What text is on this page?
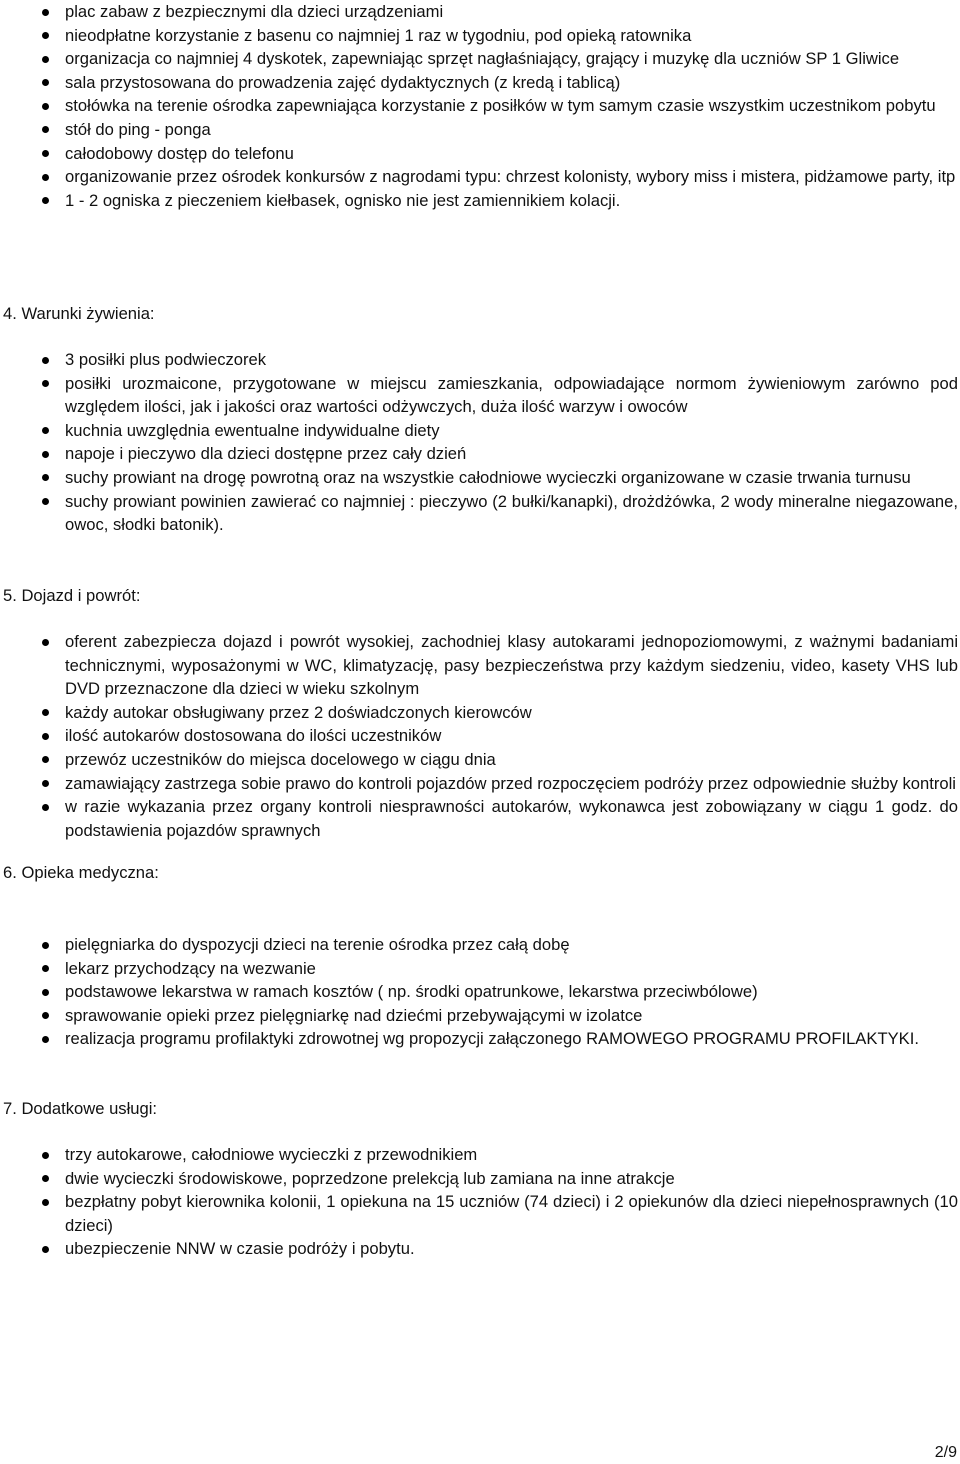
plac zabaw z bezpiecznymi dla dzieci urządzeniami
nieodpłatne korzystanie z basenu co najmniej 1 raz w tygodniu, pod opieką ratownika
organizacja co najmniej 4 dyskotek, zapewniając sprzęt nagłaśniający, grający i muzykę dla uczniów SP 1 Gliwice
sala przystosowana do prowadzenia zajęć dydaktycznych (z kredą i tablicą)
stołówka na terenie ośrodka zapewniająca korzystanie z posiłków w tym samym czasie wszystkim uczestnikom pobytu
stół do ping - ponga
całodobowy dostęp do telefonu
organizowanie przez ośrodek konkursów z nagrodami typu: chrzest kolonisty, wybory miss i mistera, pidżamowe party, itp
1 - 2 ogniska z pieczeniem kiełbasek, ognisko nie jest zamiennikiem kolacji.
4. Warunki żywienia:
3 posiłki plus podwieczorek
posiłki urozmaicone, przygotowane w miejscu zamieszkania, odpowiadające normom żywieniowym zarówno pod względem ilości, jak i jakości oraz wartości odżywczych, duża ilość warzyw i owoców
kuchnia uwzględnia ewentualne indywidualne diety
napoje i pieczywo dla dzieci dostępne przez cały dzień
suchy prowiant na drogę powrotną oraz na wszystkie całodniowe wycieczki organizowane w czasie trwania turnusu
suchy prowiant powinien zawierać co najmniej : pieczywo (2 bułki/kanapki), drożdżówka, 2 wody mineralne niegazowane, owoc, słodki batonik).
5. Dojazd i powrót:
oferent zabezpiecza dojazd i powrót wysokiej, zachodniej klasy autokarami jednopoziomowymi, z ważnymi badaniami technicznymi, wyposażonymi w WC, klimatyzację, pasy bezpieczeństwa przy każdym siedzeniu, video, kasety VHS lub DVD przeznaczone dla dzieci w wieku szkolnym
każdy autokar obsługiwany przez 2 doświadczonych kierowców
ilość autokarów dostosowana do ilości uczestników
przewóz uczestników do miejsca docelowego w ciągu dnia
zamawiający zastrzega sobie prawo do kontroli pojazdów przed rozpoczęciem podróży przez odpowiednie służby kontroli
w razie wykazania przez organy kontroli niesprawności autokarów, wykonawca jest zobowiązany w ciągu 1 godz. do podstawienia pojazdów sprawnych
6. Opieka medyczna:
pielęgniarka do dyspozycji dzieci na terenie ośrodka przez całą dobę
lekarz przychodzący na wezwanie
podstawowe lekarstwa w ramach kosztów ( np. środki opatrunkowe, lekarstwa przeciwbólowe)
sprawowanie opieki przez pielęgniarkę nad dziećmi przebywającymi w izolatce
realizacja programu profilaktyki zdrowotnej wg propozycji załączonego RAMOWEGO PROGRAMU PROFILAKTYKI.
7. Dodatkowe usługi:
trzy autokarowe, całodniowe wycieczki z przewodnikiem
dwie wycieczki środowiskowe, poprzedzone prelekcją lub zamiana na inne atrakcje
bezpłatny pobyt kierownika kolonii, 1 opiekuna na 15 uczniów (74 dzieci) i 2 opiekunów dla dzieci niepełnosprawnych (10 dzieci)
ubezpieczenie NNW w czasie podróży i pobytu.
2/9
